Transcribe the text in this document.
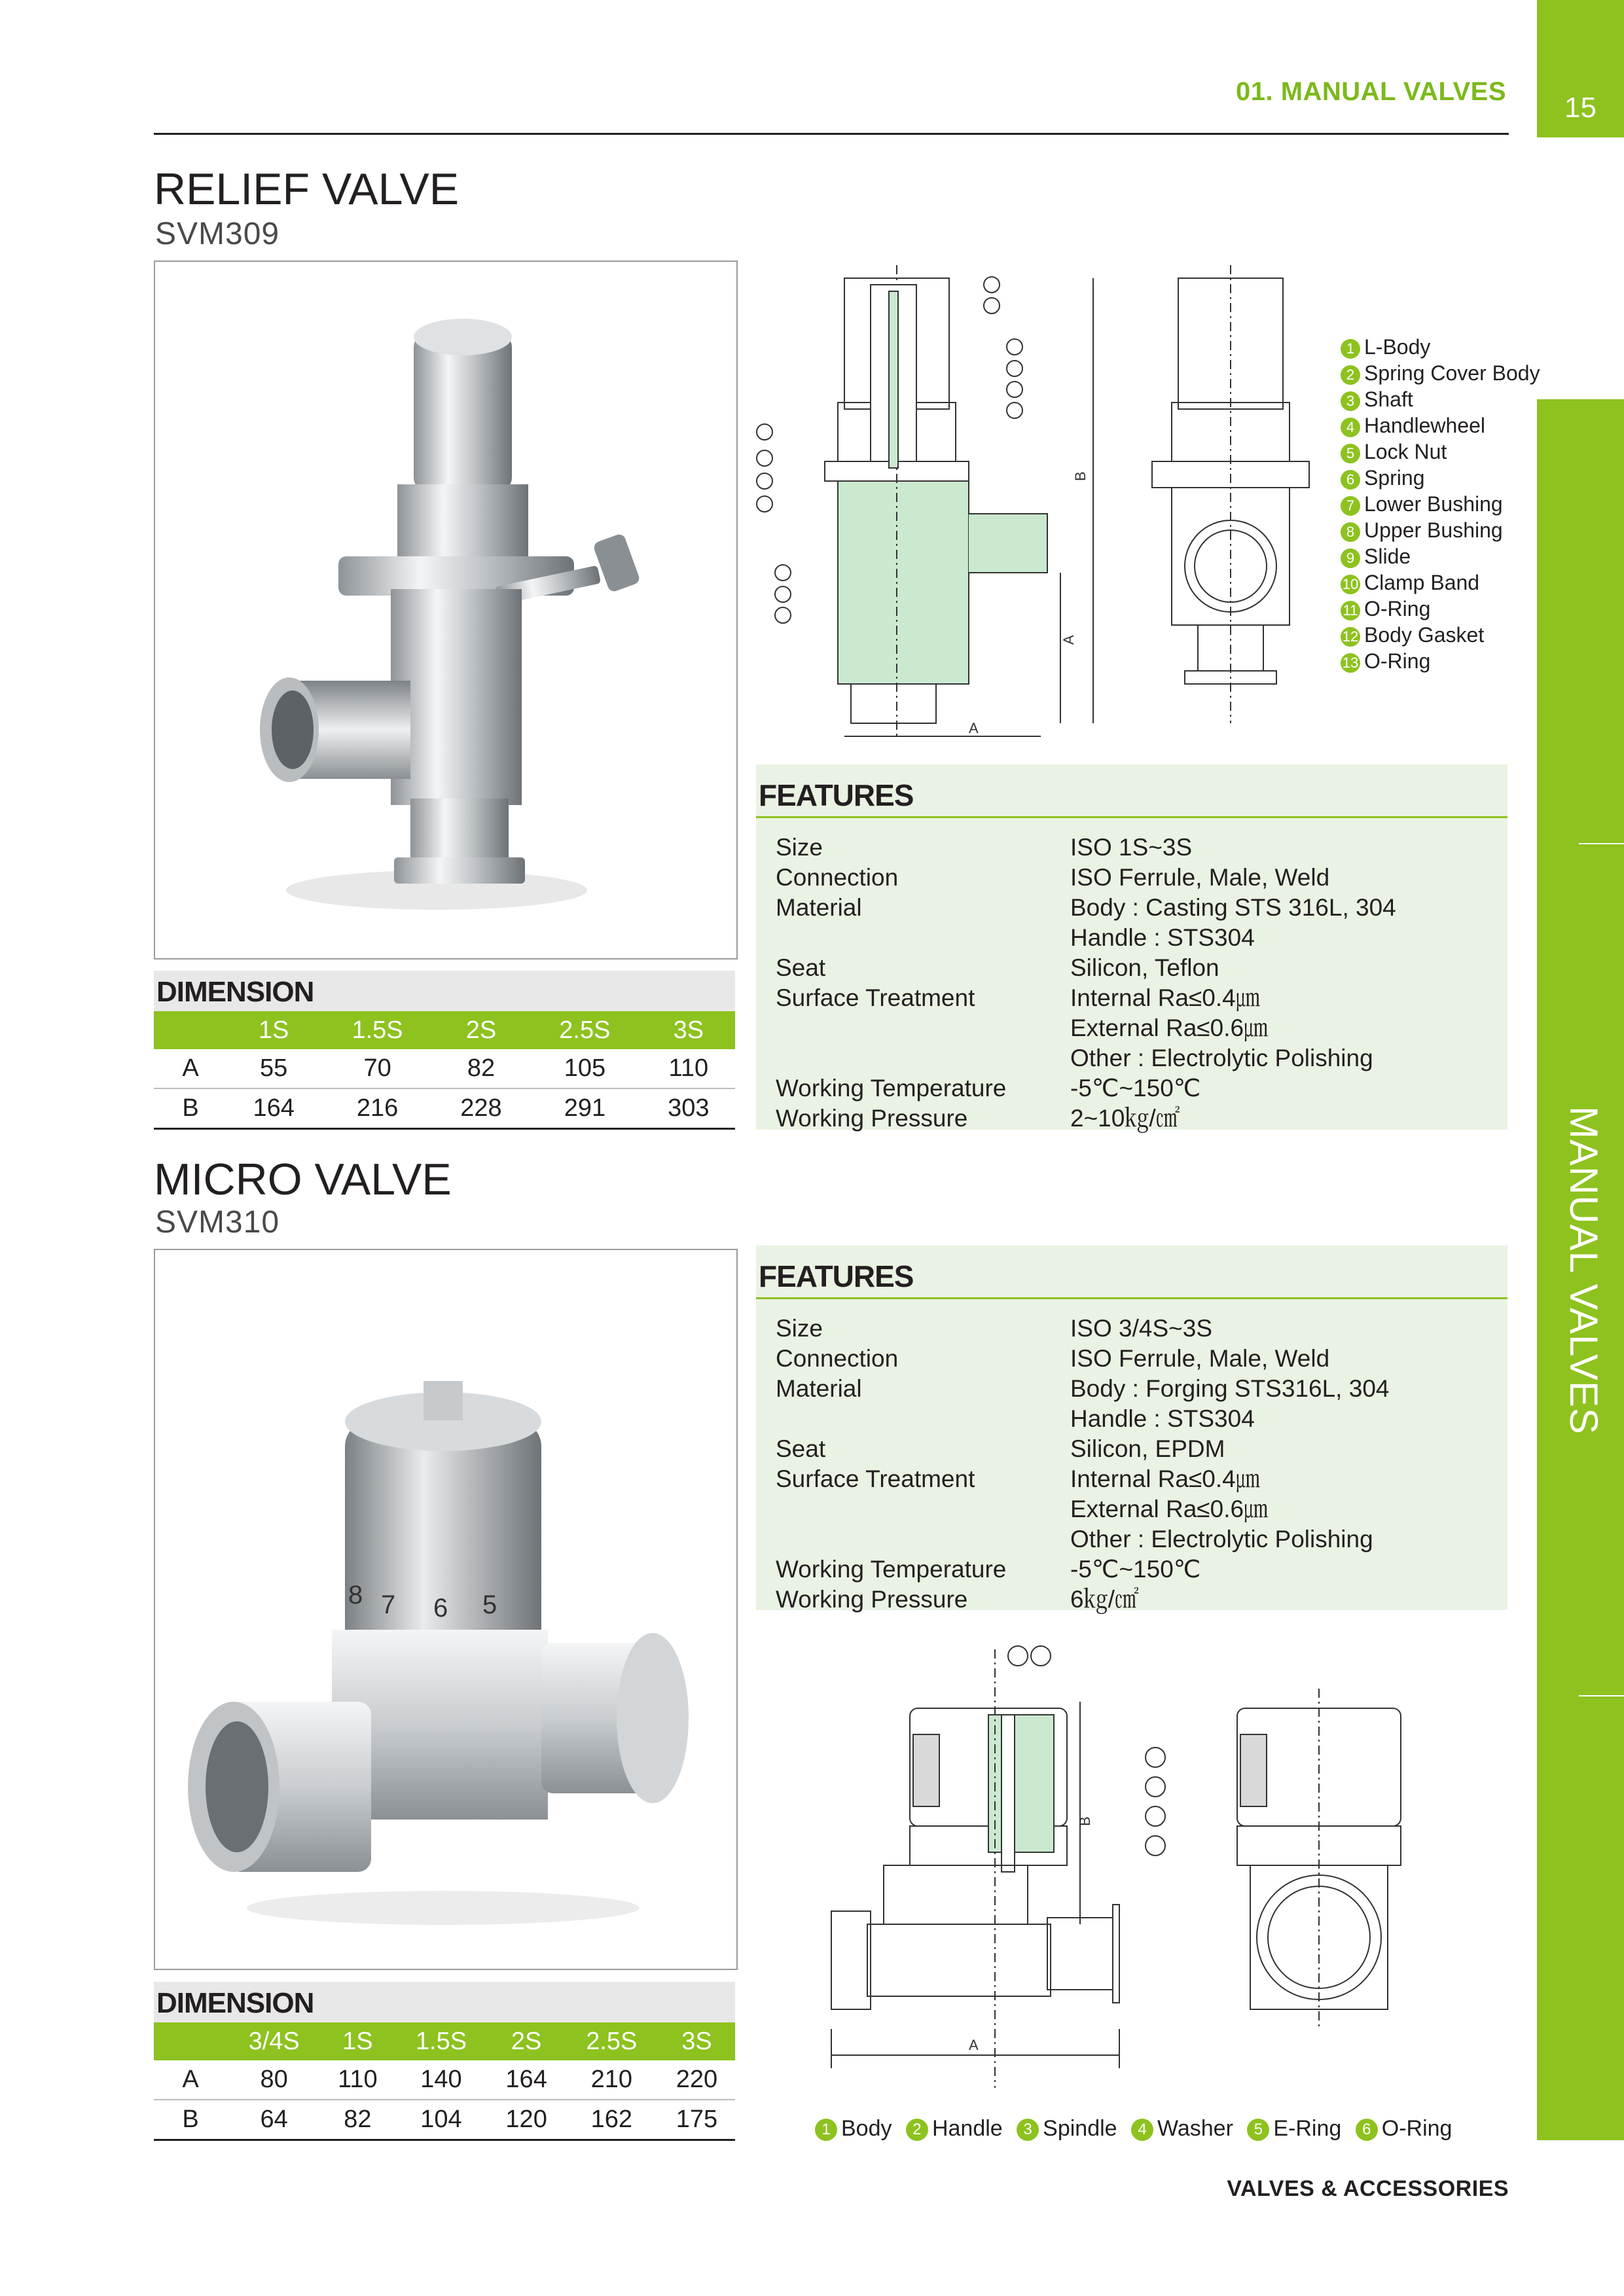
01. MANUAL VALVES	15
MANUAL VALVES
RELIEF VALVE
SVM309
DIMENSION
	1S	1.5S	2S	2.5S	3S
A	55	70	82	105	110
B	164	216	228	291	303
B
A
A
1 L-Body
2 Spring Cover Body
3 Shaft
4 Handlewheel
5 Lock Nut
6 Spring
7 Lower Bushing
8 Upper Bushing
9 Slide
10 Clamp Band
11 O-Ring
12 Body Gasket
13 O-Ring
FEATURES
Size	ISO 1S~3S
Connection	ISO Ferrule, Male, Weld
Material	Body : Casting STS 316L, 304
Handle : STS304
Seat	Silicon, Teflon
Surface Treatment	Internal Ra≤0.4㎛
External Ra≤0.6㎛
Other : Electrolytic Polishing
Working Temperature	-5℃~150℃
Working Pressure	2~10㎏/㎠
MICRO VALVE
SVM310
8 7 6 5
DIMENSION
	3/4S	1S	1.5S	2S	2.5S	3S
A	80	110	140	164	210	220
B	64	82	104	120	162	175
FEATURES
Size	ISO 3/4S~3S
Connection	ISO Ferrule, Male, Weld
Material	Body : Forging STS316L, 304
Handle : STS304
Seat	Silicon, EPDM
Surface Treatment	Internal Ra≤0.4㎛
External Ra≤0.6㎛
Other : Electrolytic Polishing
Working Temperature	-5℃~150℃
Working Pressure	6㎏/㎠
B
A
1 Body 2 Handle 3 Spindle 4 Washer 5 E-Ring 6 O-Ring
VALVES & ACCESSORIES
